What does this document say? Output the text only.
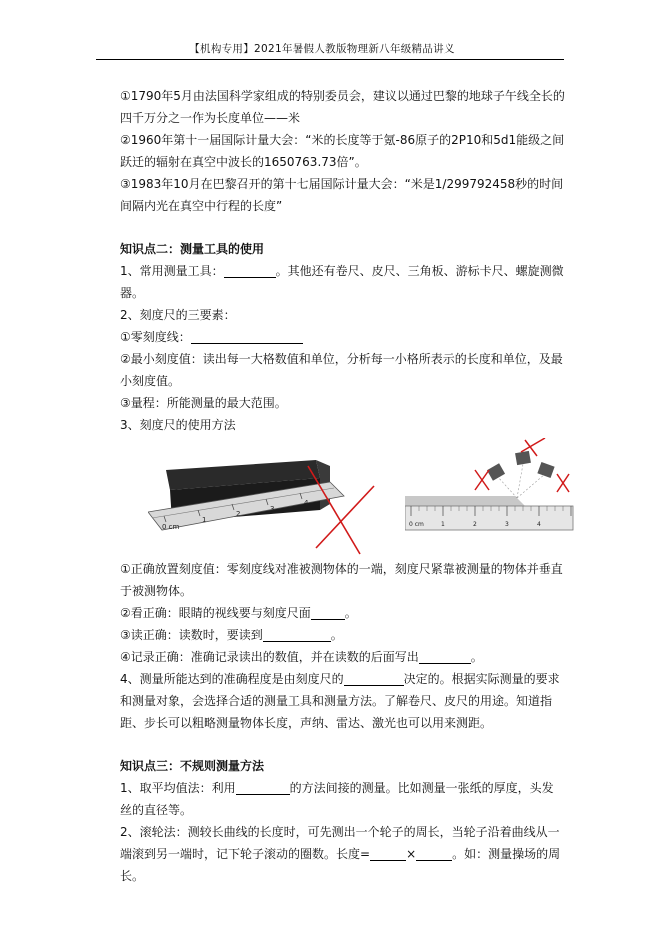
【机构专用】2021年暑假人教版物理新八年级精品讲义

①1790年5月由法国科学家组成的特别委员会，建议以通过巴黎的地球子午线全长的四千万分之一作为长度单位——米

②1960年第十一届国际计量大会：“米的长度等于氪-86原子的2P10和5d1能级之间跃迁的辐射在真空中波长的1650763.73倍”。

③1983年10月在巴黎召开的第十七届国际计量大会：“米是1/299792458秒的时间间隔内光在真空中行程的长度”

知识点二：测量工具的使用

1、常用测量工具：	。其他还有卷尺、皮尺、三角板、游标卡尺、螺旋测微器。

2、刻度尺的三要素：

①零刻度线：

②最小刻度值：读出每一大格数值和单位，分析每一小格所表示的长度和单位，及最小刻度值。

③量程：所能测量的最大范围。

3、刻度尺的使用方法

0 cm
1
2
3
4
0 cm	1	2	3	4

①正确放置刻度值：零刻度线对准被测物体的一端，刻度尺紧靠被测量的物体并垂直于被测物体。

②看正确：眼睛的视线要与刻度尺面	。

③读正确：读数时，要读到	。

④记录正确：准确记录读出的数值，并在读数的后面写出	。

4、测量所能达到的准确程度是由刻度尺的	决定的。根据实际测量的要求和测量对象，会选择合适的测量工具和测量方法。了解卷尺、皮尺的用途。知道指距、步长可以粗略测量物体长度，声纳、雷达、激光也可以用来测距。

知识点三：不规则测量方法

1、取平均值法：利用	的方法间接的测量。比如测量一张纸的厚度，头发丝的直径等。

2、滚轮法：测较长曲线的长度时，可先测出一个轮子的周长，当轮子沿着曲线从一端滚到另一端时，记下轮子滚动的圈数。长度=	×	。如：测量操场的周长。
